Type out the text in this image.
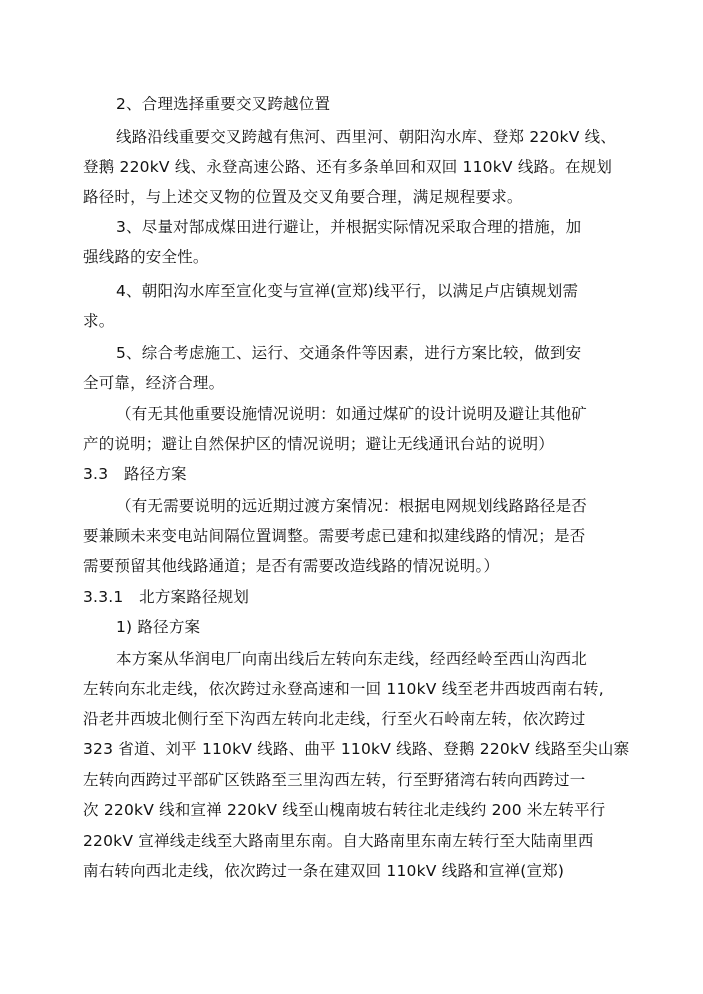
2、合理选择重要交叉跨越位置
线路沿线重要交叉跨越有焦河、西里河、朝阳沟水库、登郑 220kV 线、
登鹅 220kV 线、永登高速公路、还有多条单回和双回 110kV 线路。在规划
路径时，与上述交叉物的位置及交叉角要合理，满足规程要求。
3、尽量对郜成煤田进行避让，并根据实际情况采取合理的措施，加
强线路的安全性。
4、朝阳沟水库至宣化变与宣禅(宣郑)线平行，以满足卢店镇规划需
求。
5、综合考虑施工、运行、交通条件等因素，进行方案比较，做到安
全可靠，经济合理。
（有无其他重要设施情况说明：如通过煤矿的设计说明及避让其他矿
产的说明；避让自然保护区的情况说明；避让无线通讯台站的说明）
3.3　路径方案
（有无需要说明的远近期过渡方案情况：根据电网规划线路路径是否
要兼顾未来变电站间隔位置调整。需要考虑已建和拟建线路的情况；是否
需要预留其他线路通道；是否有需要改造线路的情况说明。）
3.3.1　北方案路径规划
1) 路径方案
本方案从华润电厂向南出线后左转向东走线，经西经岭至西山沟西北
左转向东北走线，依次跨过永登高速和一回 110kV 线至老井西坡西南右转,
沿老井西坡北侧行至下沟西左转向北走线，行至火石岭南左转，依次跨过
323 省道、刘平 110kV 线路、曲平 110kV 线路、登鹅 220kV 线路至尖山寨
左转向西跨过平部矿区铁路至三里沟西左转，行至野猪湾右转向西跨过一
次 220kV 线和宣禅 220kV 线至山槐南坡右转往北走线约 200 米左转平行
220kV 宣禅线走线至大路南里东南。自大路南里东南左转行至大陆南里西
南右转向西北走线，依次跨过一条在建双回 110kV 线路和宣禅(宣郑)
